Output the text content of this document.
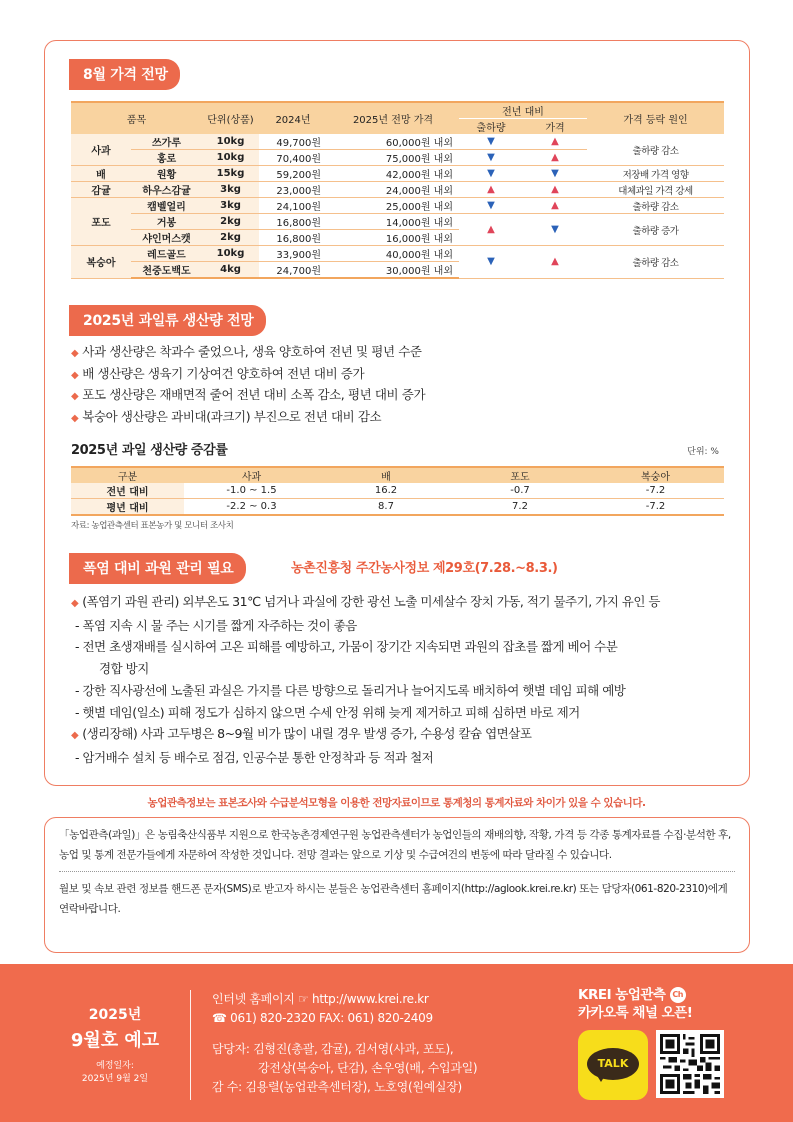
8월 가격 전망
품목		단위(상품)	2024년	2025년 전망 가격	전년 대비		가격 등락 원인
					출하량	가격	
사과	쓰가루	10kg	49,700원	60,000원 내외	▼	▲	출하량 감소
	홍로	10kg	70,400원	75,000원 내외	▼	▲	
배	원황	15kg	59,200원	42,000원 내외	▼	▼	저장배 가격 영향
감귤	하우스감귤	3kg	23,000원	24,000원 내외	▲	▲	대체과일 가격 강세
포도	캠벨얼리	3kg	24,100원	25,000원 내외	▼	▲	출하량 감소
	거봉	2kg	16,800원	14,000원 내외	▲	▼	출하량 증가
	샤인머스캣	2kg	16,800원	16,000원 내외			
복숭아	레드골드	10kg	33,900원	40,000원 내외	▼	▲	출하량 감소
	천중도백도	4kg	24,700원	30,000원 내외			
2025년 과일류 생산량 전망
◆ 사과 생산량은 착과수 줄었으나, 생육 양호하여 전년 및 평년 수준
◆ 배 생산량은 생육기 기상여건 양호하여 전년 대비 증가
◆ 포도 생산량은 재배면적 줄어 전년 대비 소폭 감소, 평년 대비 증가
◆ 복숭아 생산량은 과비대(과크기) 부진으로 전년 대비 감소
2025년 과일 생산량 증감률	단위: %
구분	사과	배	포도	복숭아
전년 대비	-1.0 ~ 1.5	16.2	-0.7	-7.2
평년 대비	-2.2 ~ 0.3	8.7	7.2	-7.2
자료: 농업관측센터 표본농가 및 모니터 조사치
폭염 대비 과원 관리 필요	농촌진흥청 주간농사정보 제29호(7.28.~8.3.)
◆ (폭염기 과원 관리) 외부온도 31℃ 넘거나 과실에 강한 광선 노출 미세살수 장치 가동, 적기 물주기, 가지 유인 등
- 폭염 지속 시 물 주는 시기를 짧게 자주하는 것이 좋음
- 전면 초생재배를 실시하여 고온 피해를 예방하고, 가뭄이 장기간 지속되면 과원의 잡초를 짧게 베어 수분
경합 방지
- 강한 직사광선에 노출된 과실은 가지를 다른 방향으로 돌리거나 늘어지도록 배치하여 햇볕 데임 피해 예방
- 햇볕 데임(일소) 피해 정도가 심하지 않으면 수세 안정 위해 늦게 제거하고 피해 심하면 바로 제거
◆ (생리장해) 사과 고두병은 8~9월 비가 많이 내릴 경우 발생 증가, 수용성 칼슘 엽면살포
- 암거배수 설치 등 배수로 점검, 인공수분 통한 안정착과 등 적과 철저
농업관측정보는 표본조사와 수급분석모형을 이용한 전망자료이므로 통계청의 통계자료와 차이가 있을 수 있습니다.

「농업관측(과일)」은 농림축산식품부 지원으로 한국농촌경제연구원 농업관측센터가 농업인들의 재배의향, 작황, 가격 등 각종 통계자료를 수집·분석한 후, 농업 및 통계 전문가들에게 자문하여 작성한 것입니다. 전망 결과는 앞으로 기상 및 수급여건의 변동에 따라 달라질 수 있습니다.

월보 및 속보 관련 정보를 핸드폰 문자(SMS)로 받고자 하시는 분들은 농업관측센터 홈페이지(http://aglook.krei.re.kr) 또는 담당자(061-820-2310)에게 연락바랍니다.

2025년
9월호 예고
예정일자:
2025년 9월 2일
인터넷 홈페이지 ☞ http://www.krei.re.kr
☎ 061) 820-2320 FAX: 061) 820-2409
담당자: 김형진(총괄, 감귤), 김서영(사과, 포도),
강전상(복숭아, 단감), 손우영(배, 수입과일)
감 수: 김용렬(농업관측센터장), 노호영(원예실장)
KREI 농업관측 Ch
카카오톡 채널 오픈!
TALK
